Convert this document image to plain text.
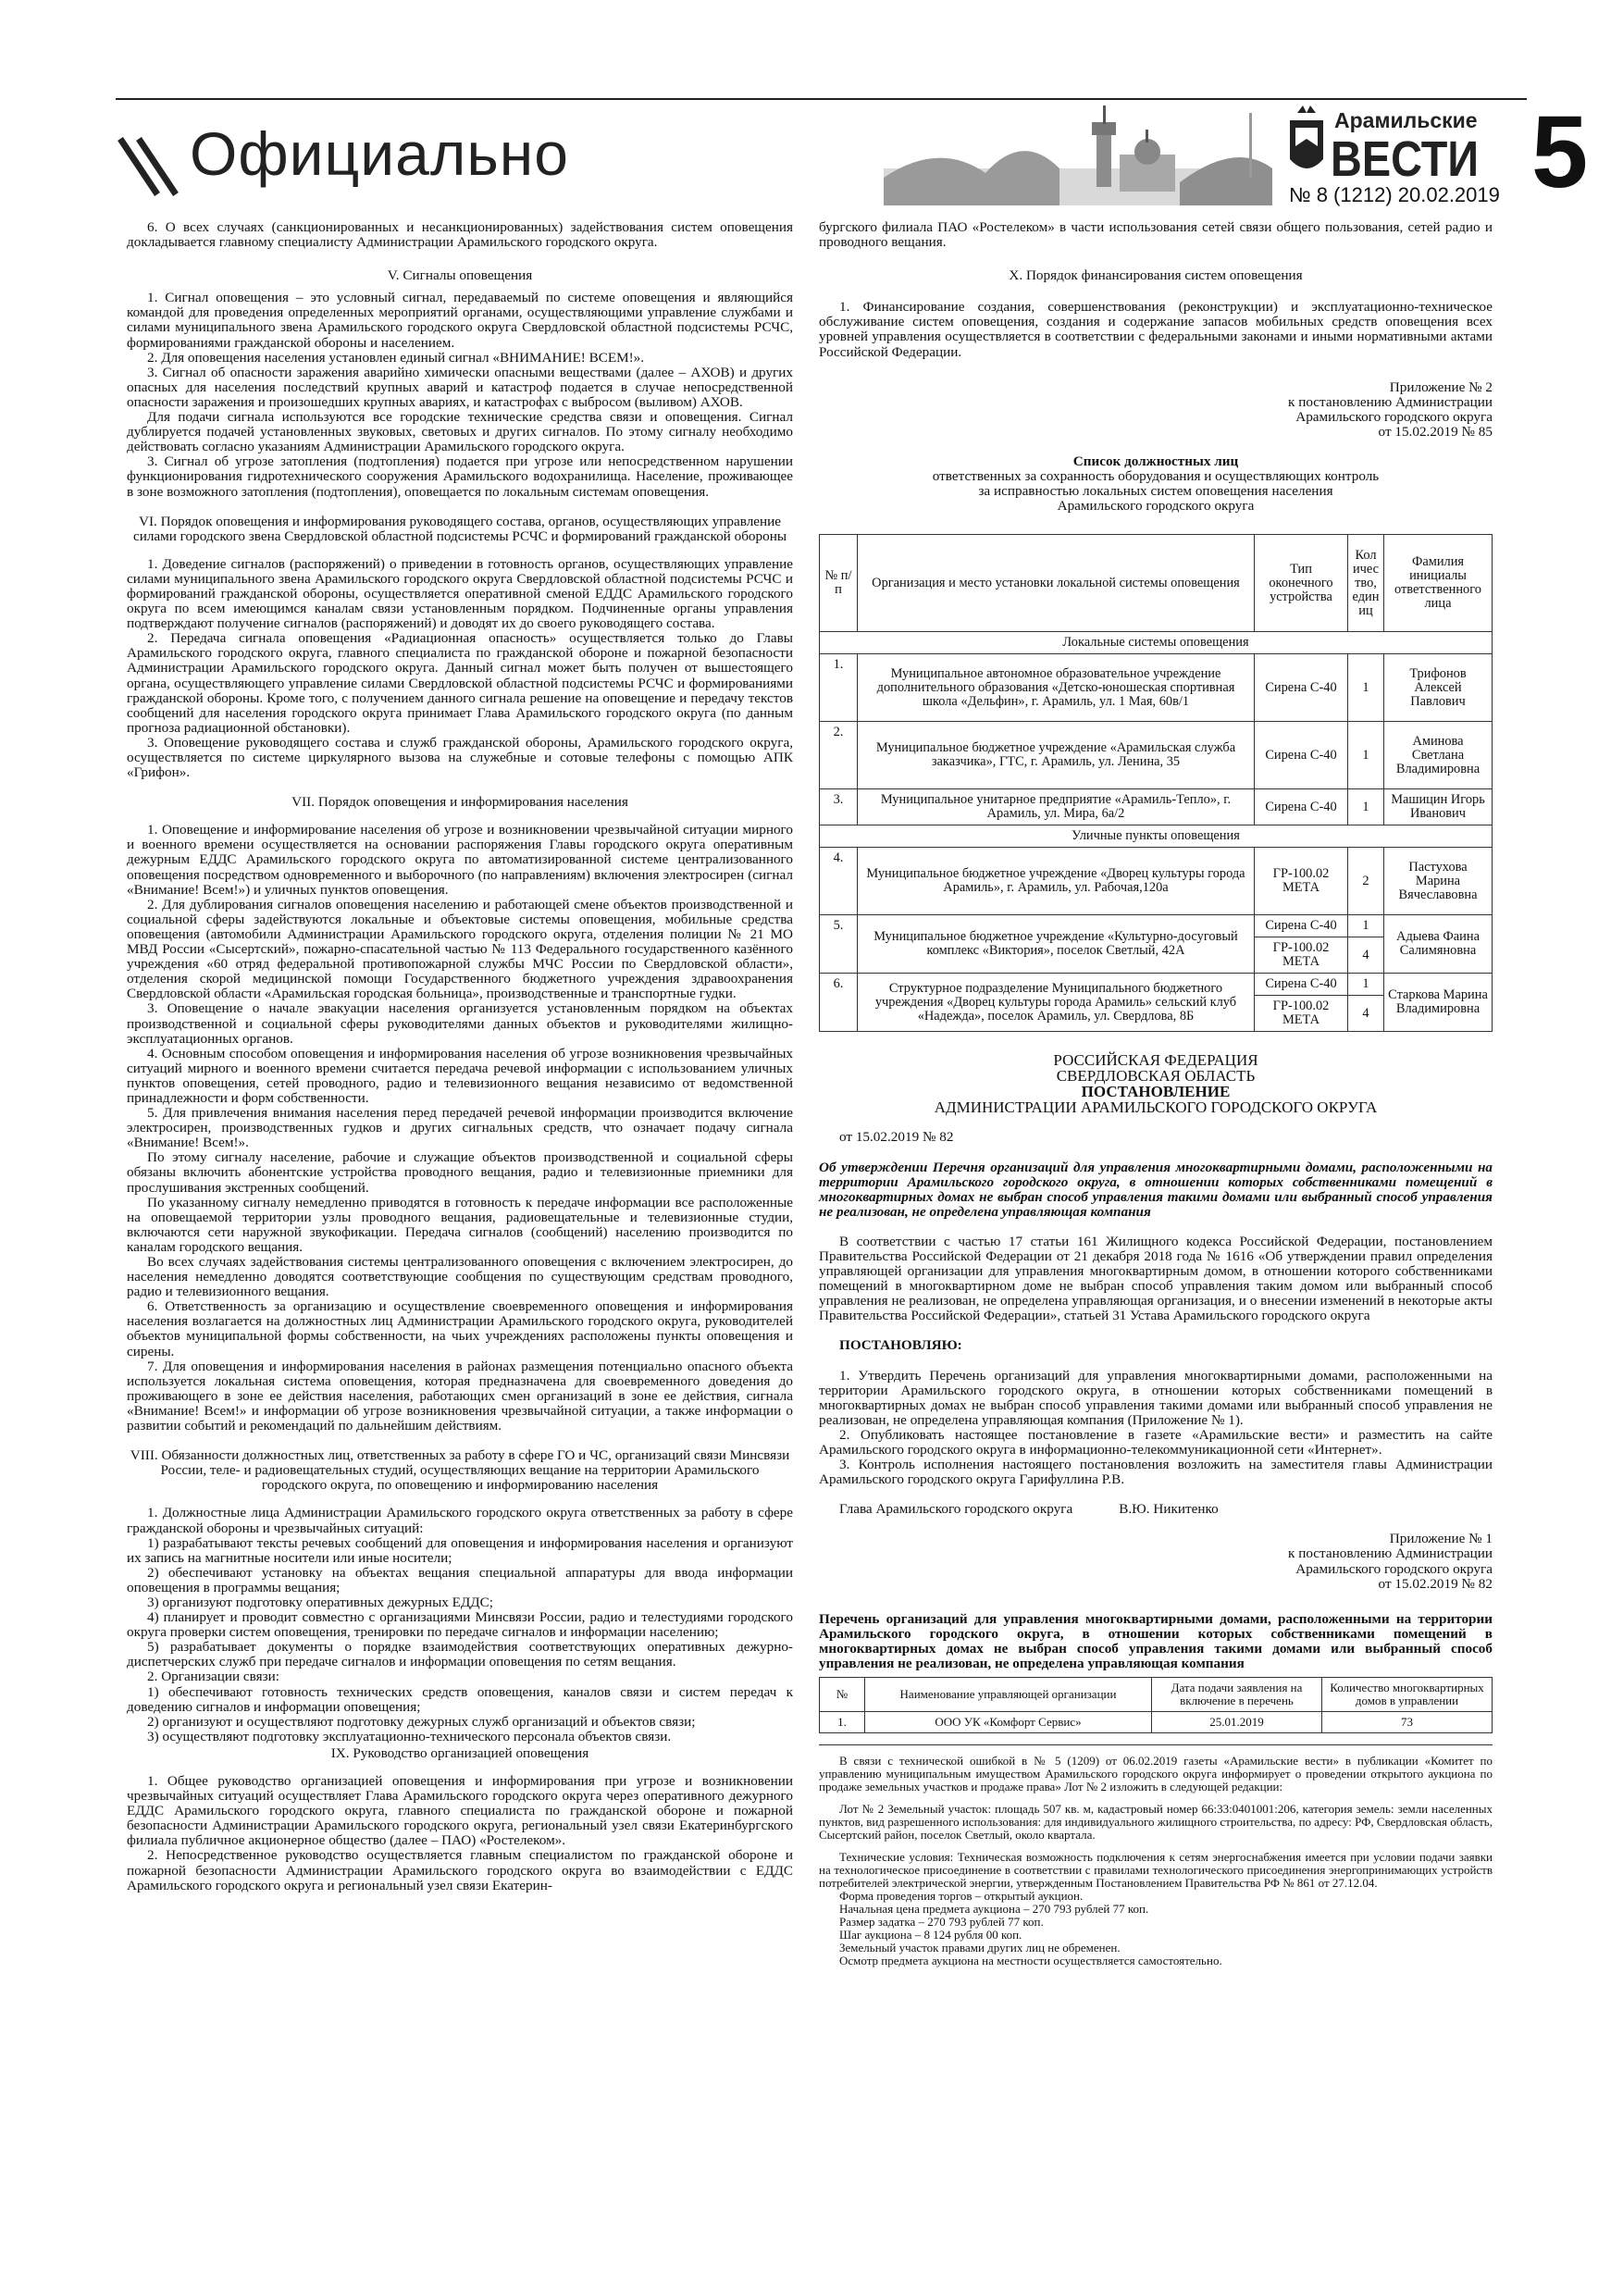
Официально	Арамильские
ВЕСТИ
№ 8 (1212) 20.02.2019 5

6. О всех случаях (санкционированных и несанкционированных) задействования систем оповещения докладывается главному специалисту Администрации Арамильского городского округа.

V. Сигналы оповещения

1. Сигнал оповещения – это условный сигнал, передаваемый по системе оповещения и являющийся командой для проведения определенных мероприятий органами, осуществляющими управление службами и силами муниципального звена Арамильского городского округа Свердловской областной подсистемы РСЧС, формированиями гражданской обороны и населением.

2. Для оповещения населения установлен единый сигнал «ВНИМАНИЕ! ВСЕМ!».

3. Сигнал об опасности заражения аварийно химически опасными веществами (далее – АХОВ) и других опасных для населения последствий крупных аварий и катастроф подается в случае непосредственной опасности заражения и произошедших крупных авариях, и катастрофах с выбросом (выливом) АХОВ.

Для подачи сигнала используются все городские технические средства связи и оповещения. Сигнал дублируется подачей установленных звуковых, световых и других сигналов. По этому сигналу необходимо действовать согласно указаниям Администрации Арамильского городского округа.

3. Сигнал об угрозе затопления (подтопления) подается при угрозе или непосредственном нарушении функционирования гидротехнического сооружения Арамильского водохранилища. Население, проживающее в зоне возможного затопления (подтопления), оповещается по локальным системам оповещения.

VI. Порядок оповещения и информирования руководящего состава, органов, осуществляющих управление силами городского звена Свердловской областной подсистемы РСЧС и формирований гражданской обороны

1. Доведение сигналов (распоряжений) о приведении в готовность органов, осуществляющих управление силами муниципального звена Арамильского городского округа Свердловской областной подсистемы РСЧС и формирований гражданской обороны, осуществляется оперативной сменой ЕДДС Арамильского городского округа по всем имеющимся каналам связи установленным порядком. Подчиненные органы управления подтверждают получение сигналов (распоряжений) и доводят их до своего руководящего состава.

2. Передача сигнала оповещения «Радиационная опасность» осуществляется только до Главы Арамильского городского округа, главного специалиста по гражданской обороне и пожарной безопасности Администрации Арамильского городского округа. Данный сигнал может быть получен от вышестоящего органа, осуществляющего управление силами Свердловской областной подсистемы РСЧС и формированиями гражданской обороны. Кроме того, с получением данного сигнала решение на оповещение и передачу текстов сообщений для населения городского округа принимает Глава Арамильского городского округа (по данным прогноза радиационной обстановки).

3. Оповещение руководящего состава и служб гражданской обороны, Арамильского городского округа, осуществляется по системе циркулярного вызова на служебные и сотовые телефоны с помощью АПК «Грифон».

VII. Порядок оповещения и информирования населения

1. Оповещение и информирование населения об угрозе и возникновении чрезвычайной ситуации мирного и военного времени осуществляется на основании распоряжения Главы городского округа оперативным дежурным ЕДДС Арамильского городского округа по автоматизированной системе централизованного оповещения посредством одновременного и выборочного (по направлениям) включения электросирен (сигнал «Внимание! Всем!») и уличных пунктов оповещения.

2. Для дублирования сигналов оповещения населению и работающей смене объектов производственной и социальной сферы задействуются локальные и объектовые системы оповещения, мобильные средства оповещения (автомобили Администрации Арамильского городского округа, отделения полиции № 21 МО МВД России «Сысертский», пожарно-спасательной частью № 113 Федерального государственного казённого учреждения «60 отряд федеральной противопожарной службы МЧС России по Свердловской области», отделения скорой медицинской помощи Государственного бюджетного учреждения здравоохранения Свердловской области «Арамильская городская больница», производственные и транспортные гудки.

3. Оповещение о начале эвакуации населения организуется установленным порядком на объектах производственной и социальной сферы руководителями данных объектов и руководителями жилищно-эксплуатационных органов.

4. Основным способом оповещения и информирования населения об угрозе возникновения чрезвычайных ситуаций мирного и военного времени считается передача речевой информации с использованием уличных пунктов оповещения, сетей проводного, радио и телевизионного вещания независимо от ведомственной принадлежности и форм собственности.

5. Для привлечения внимания населения перед передачей речевой информации производится включение электросирен, производственных гудков и других сигнальных средств, что означает подачу сигнала «Внимание! Всем!».

По этому сигналу население, рабочие и служащие объектов производственной и социальной сферы обязаны включить абонентские устройства проводного вещания, радио и телевизионные приемники для прослушивания экстренных сообщений.

По указанному сигналу немедленно приводятся в готовность к передаче информации все расположенные на оповещаемой территории узлы проводного вещания, радиовещательные и телевизионные студии, включаются сети наружной звукофикации. Передача сигналов (сообщений) населению производится по каналам городского вещания.

Во всех случаях задействования системы централизованного оповещения с включением электросирен, до населения немедленно доводятся соответствующие сообщения по существующим средствам проводного, радио и телевизионного вещания.

6. Ответственность за организацию и осуществление своевременного оповещения и информирования населения возлагается на должностных лиц Администрации Арамильского городского округа, руководителей объектов муниципальной формы собственности, на чьих учреждениях расположены пункты оповещения и сирены.

7. Для оповещения и информирования населения в районах размещения потенциально опасного объекта используется локальная система оповещения, которая предназначена для своевременного доведения до проживающего в зоне ее действия населения, работающих смен организаций в зоне ее действия, сигнала «Внимание! Всем!» и информации об угрозе возникновения чрезвычайной ситуации, а также информации о развитии событий и рекомендаций по дальнейшим действиям.

VIII. Обязанности должностных лиц, ответственных за работу в сфере ГО и ЧС, организаций связи Минсвязи России, теле- и радиовещательных студий, осуществляющих вещание на территории Арамильского городского округа, по оповещению и информированию населения

1. Должностные лица Администрации Арамильского городского округа ответственных за работу в сфере гражданской обороны и чрезвычайных ситуаций:

1) разрабатывают тексты речевых сообщений для оповещения и информирования населения и организуют их запись на магнитные носители или иные носители;

2) обеспечивают установку на объектах вещания специальной аппаратуры для ввода информации оповещения в программы вещания;

3) организуют подготовку оперативных дежурных ЕДДС;

4) планирует и проводит совместно с организациями Минсвязи России, радио и телестудиями городского округа проверки систем оповещения, тренировки по передаче сигналов и информации населению;

5) разрабатывает документы о порядке взаимодействия соответствующих оперативных дежурно-диспетчерских служб при передаче сигналов и информации оповещения по сетям вещания.

2. Организации связи:

1) обеспечивают готовность технических средств оповещения, каналов связи и систем передач к доведению сигналов и информации оповещения;

2) организуют и осуществляют подготовку дежурных служб организаций и объектов связи;

3) осуществляют подготовку эксплуатационно-технического персонала объектов связи.

IX. Руководство организацией оповещения

1. Общее руководство организацией оповещения и информирования при угрозе и возникновении чрезвычайных ситуаций осуществляет Глава Арамильского городского округа через оперативного дежурного ЕДДС Арамильского городского округа, главного специалиста по гражданской обороне и пожарной безопасности Администрации Арамильского городского округа, региональный узел связи Екатеринбургского филиала публичное акционерное общество (далее – ПАО) «Ростелеком».

2. Непосредственное руководство осуществляется главным специалистом по гражданской обороне и пожарной безопасности Администрации Арамильского городского округа во взаимодействии с ЕДДС Арамильского городского округа и региональный узел связи Екатерин-

бургского филиала ПАО «Ростелеком» в части использования сетей связи общего пользования, сетей радио и проводного вещания.

X. Порядок финансирования систем оповещения

1. Финансирование создания, совершенствования (реконструкции) и эксплуатационно-техническое обслуживание систем оповещения, создания и содержание запасов мобильных средств оповещения всех уровней управления осуществляется в соответствии с федеральными законами и иными нормативными актами Российской Федерации.

Приложение № 2
к постановлению Администрации
Арамильского городского округа
от 15.02.2019 № 85
Список должностных лиц
ответственных за сохранность оборудования и осуществляющих контроль
за исправностью локальных систем оповещения населения
Арамильского городского округа
№ п/п	Организация и место установки локальной системы оповещения	Тип оконечного устройства	Количество, единиц	Фамилия инициалы ответственного лица
Локальные системы оповещения				
1.	Муниципальное автономное образовательное учреждение дополнительного образования «Детско-юношеская спортивная школа «Дельфин», г. Арамиль, ул. 1 Мая, 60в/1	Сирена С-40	1	Трифонов Алексей Павлович
2.	Муниципальное бюджетное учреждение «Арамильская служба заказчика», ГТС, г. Арамиль, ул. Ленина, 35	Сирена С-40	1	Аминова Светлана Владимировна
3.	Муниципальное унитарное предприятие «Арамиль-Тепло», г. Арамиль, ул. Мира, 6а/2	Сирена С-40	1	Машицин Игорь Иванович
Уличные пункты оповещения				
4.	Муниципальное бюджетное учреждение «Дворец культуры города Арамиль», г. Арамиль, ул. Рабочая,120а	ГР-100.02 МЕТА	2	Пастухова Марина Вячеславовна
5.	Муниципальное бюджетное учреждение «Культурно-досуговый комплекс «Виктория», поселок Светлый, 42А	Сирена С-40	1	Адыева Фаина Салимяновна
		ГР-100.02 МЕТА	4	
6.	Структурное подразделение Муниципального бюджетного учреждения «Дворец культуры города Арамиль» сельский клуб «Надежда», поселок Арамиль, ул. Свердлова, 8Б	Сирена С-40	1	Старкова Марина Владимировна
		ГР-100.02 МЕТА	4	
РОССИЙСКАЯ ФЕДЕРАЦИЯ
СВЕРДЛОВСКАЯ ОБЛАСТЬ
ПОСТАНОВЛЕНИЕ
АДМИНИСТРАЦИИ АРАМИЛЬСКОГО ГОРОДСКОГО ОКРУГА

от 15.02.2019 № 82

Об утверждении Перечня организаций для управления многоквартирными домами, расположенными на территории Арамильского городского округа, в отношении которых собственниками помещений в многоквартирных домах не выбран способ управления такими домами или выбранный способ управления не реализован, не определена управляющая компания

В соответствии с частью 17 статьи 161 Жилищного кодекса Российской Федерации, постановлением Правительства Российской Федерации от 21 декабря 2018 года № 1616 «Об утверждении правил определения управляющей организации для управления многоквартирным домом, в отношении которого собственниками помещений в многоквартирном доме не выбран способ управления таким домом или выбранный способ управления не реализован, не определена управляющая организация, и о внесении изменений в некоторые акты Правительства Российской Федерации», статьей 31 Устава Арамильского городского округа

ПОСТАНОВЛЯЮ:

1. Утвердить Перечень организаций для управления многоквартирными домами, расположенными на территории Арамильского городского округа, в отношении которых собственниками помещений в многоквартирных домах не выбран способ управления такими домами или выбранный способ управления не реализован, не определена управляющая компания (Приложение № 1).

2. Опубликовать настоящее постановление в газете «Арамильские вести» и разместить на сайте Арамильского городского округа в информационно-телекоммуникационной сети «Интернет».

3. Контроль исполнения настоящего постановления возложить на заместителя главы Администрации Арамильского городского округа Гарифуллина Р.В.

Глава Арамильского городского округа	В.Ю. Никитенко

Приложение № 1
к постановлению Администрации
Арамильского городского округа
от 15.02.2019 № 82

Перечень организаций для управления многоквартирными домами, расположенными на территории Арамильского городского округа, в отношении которых собственниками помещений в многоквартирных домах не выбран способ управления такими домами или выбранный способ управления не реализован, не определена управляющая компания

№	Наименование управляющей организации	Дата подачи заявления на включение в перечень	Количество многоквартирных домов в управлении
1.	ООО УК «Комфорт Сервис»	25.01.2019	73

В связи с технической ошибкой в № 5 (1209) от 06.02.2019 газеты «Арамильские вести» в публикации «Комитет по управлению муниципальным имуществом Арамильского городского округа информирует о проведении открытого аукциона по продаже земельных участков и продаже права» Лот № 2 изложить в следующей редакции:

Лот № 2 Земельный участок: площадь 507 кв. м, кадастровый номер 66:33:0401001:206, категория земель: земли населенных пунктов, вид разрешенного использования: для индивидуального жилищного строительства, по адресу: РФ, Свердловская область, Сысертский район, поселок Светлый, около квартала.

Технические условия: Техническая возможность подключения к сетям энергоснабжения имеется при условии подачи заявки на технологическое присоединение в соответствии с правилами технологического присоединения энергопринимающих устройств потребителей электрической энергии, утвержденным Постановлением Правительства РФ № 861 от 27.12.04.

Форма проведения торгов – открытый аукцион.

Начальная цена предмета аукциона – 270 793 рублей 77 коп.

Размер задатка – 270 793 рублей 77 коп.

Шаг аукциона – 8 124 рубля 00 коп.

Земельный участок правами других лиц не обременен.

Осмотр предмета аукциона на местности осуществляется самостоятельно.
